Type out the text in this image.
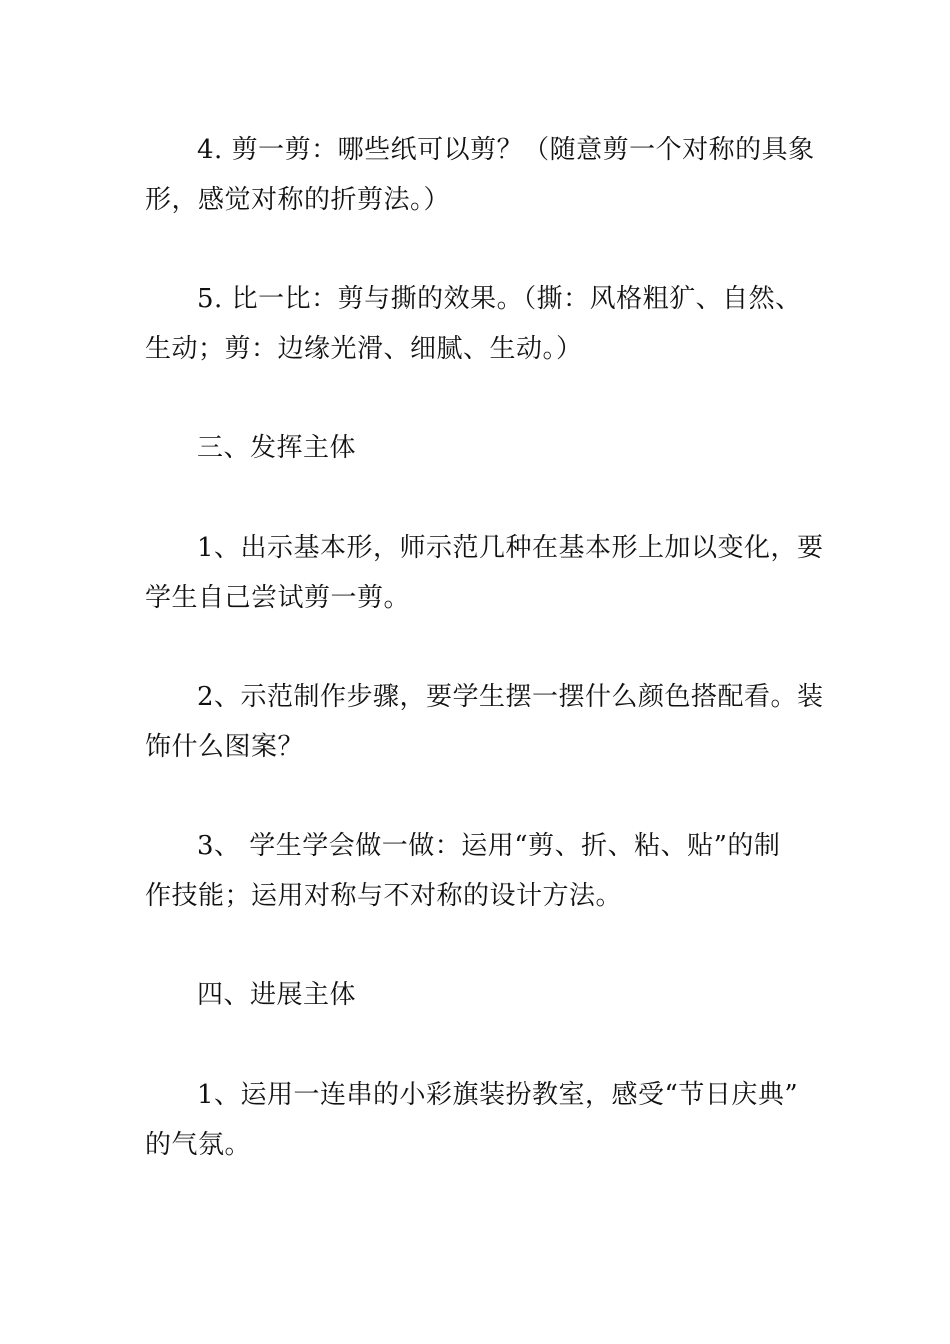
4. 剪一剪：哪些纸可以剪？（随意剪一个对称的具象
形，感觉对称的折剪法。）

5. 比一比：剪与撕的效果。（撕：风格粗犷、自然、
生动；剪：边缘光滑、细腻、生动。）

三、发挥主体

1、出示基本形，师示范几种在基本形上加以变化，要
学生自己尝试剪一剪。

2、示范制作步骤，要学生摆一摆什么颜色搭配看。装
饰什么图案？

3、 学生学会做一做：运用“剪、折、粘、贴”的制
作技能；运用对称与不对称的设计方法。

四、进展主体

1、运用一连串的小彩旗装扮教室，感受“节日庆典”
的气氛。
